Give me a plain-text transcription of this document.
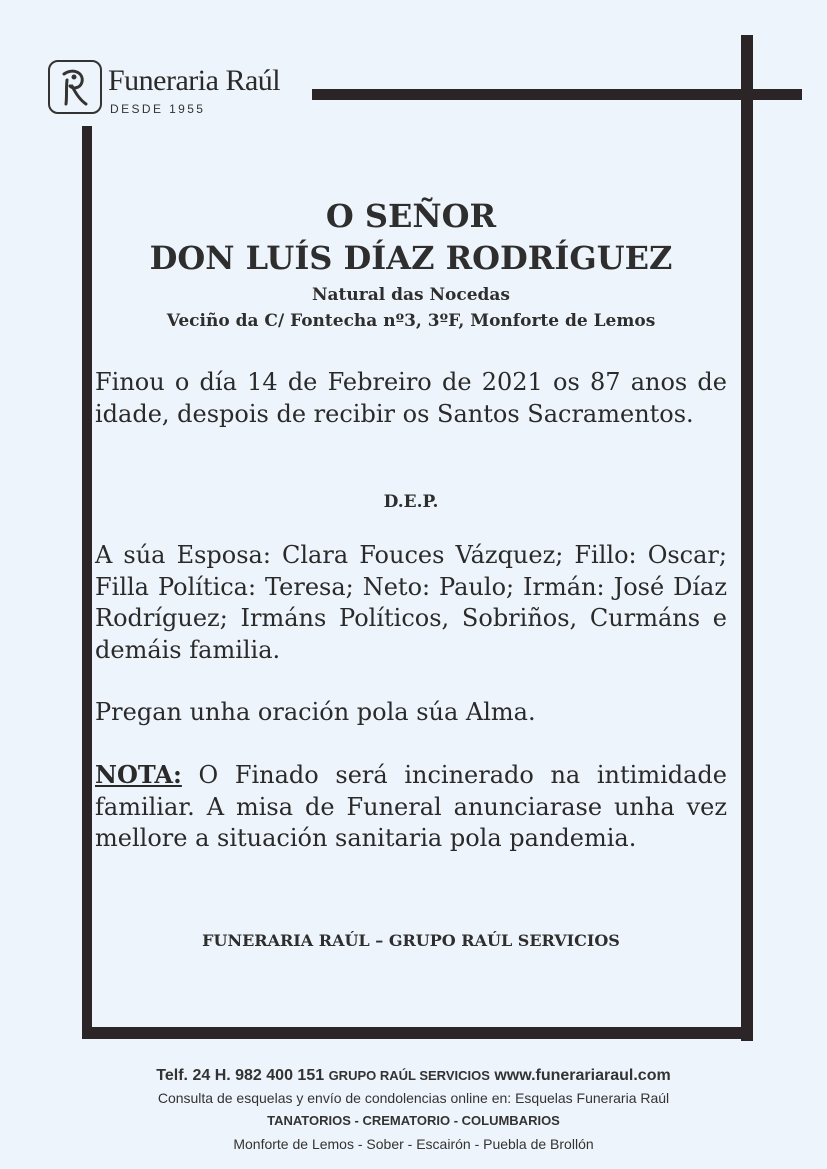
Funeraria Raúl
DESDE 1955
O SEÑOR
DON LUÍS DÍAZ RODRÍGUEZ
Natural das Nocedas
Veciño da C/ Fontecha nº3, 3ºF, Monforte de Lemos

Finou o día 14 de Febreiro de 2021 os 87 anos de idade, despois de recibir os Santos Sacramentos.

D.E.P.

A súa Esposa: Clara Fouces Vázquez; Fillo: Oscar; Filla Política: Teresa; Neto: Paulo; Irmán: José Díaz Rodríguez; Irmáns Políticos, Sobriños, Curmáns e demáis familia.

Pregan unha oración pola súa Alma.

NOTA: O Finado será incinerado na intimidade familiar. A misa de Funeral anunciarase unha vez mellore a situación sanitaria pola pandemia.

FUNERARIA RAÚL – GRUPO RAÚL SERVICIOS
Telf. 24 H. 982 400 151 GRUPO RAÚL SERVICIOS www.funerariaraul.com
Consulta de esquelas y envío de condolencias online en: Esquelas Funeraria Raúl
TANATORIOS - CREMATORIO - COLUMBARIOS
Monforte de Lemos - Sober - Escairón - Puebla de Brollón
